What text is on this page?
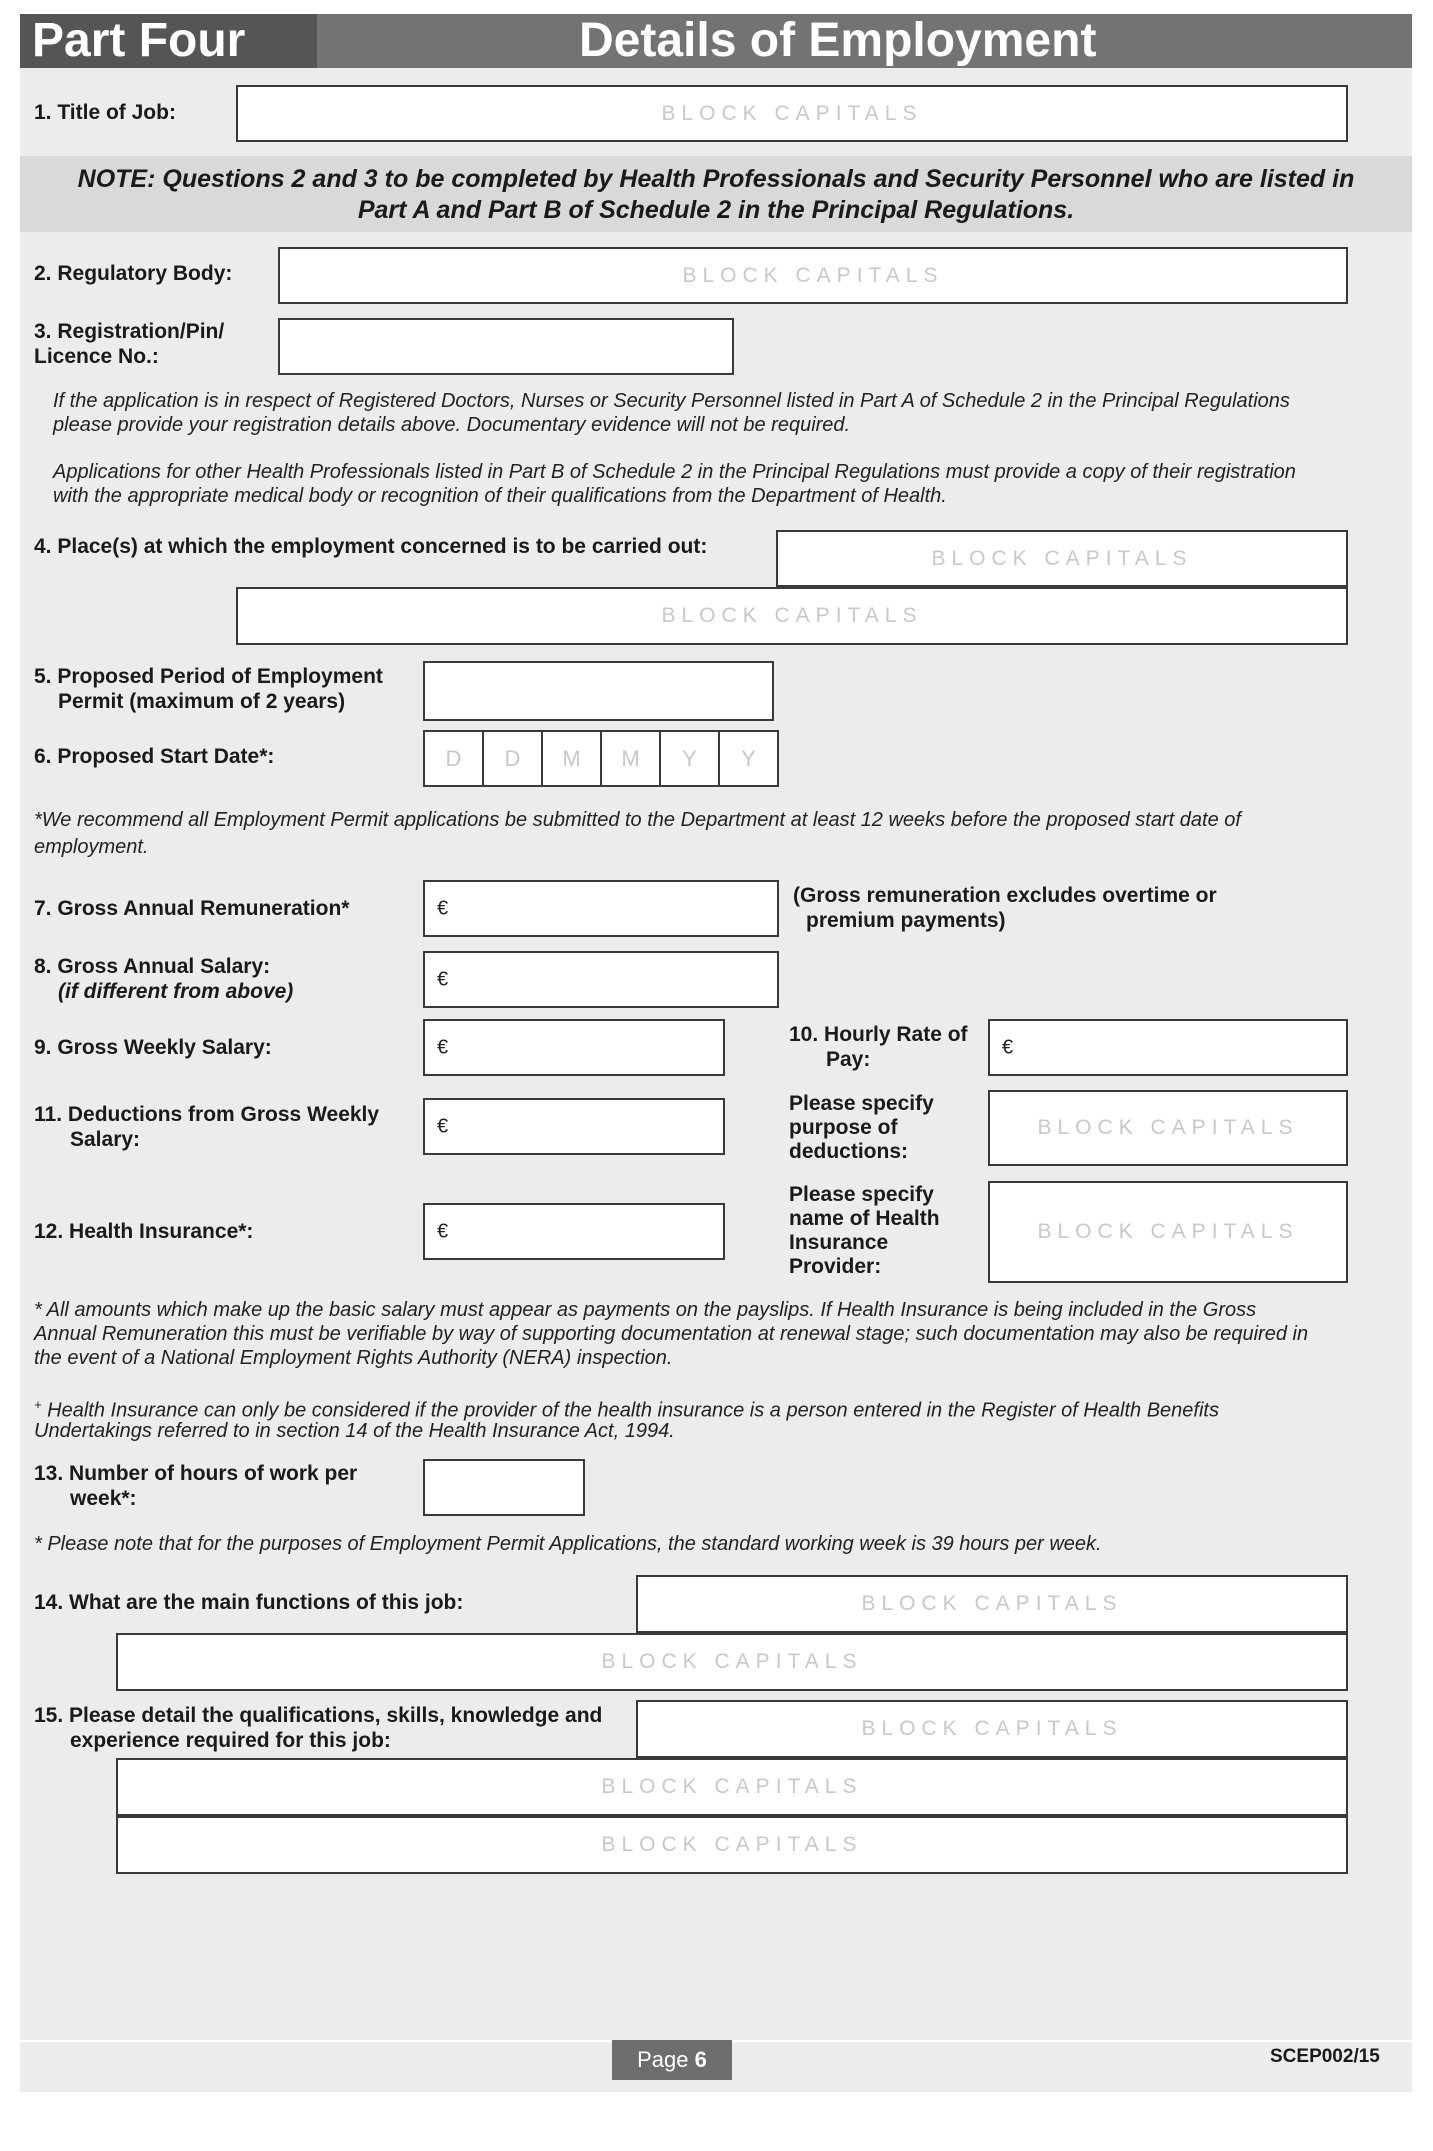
Part Four	Details of Employment
1. Title of Job:	BLOCK CAPITALS
NOTE: Questions 2 and 3 to be completed by Health Professionals and Security Personnel who are listed in
Part A and Part B of Schedule 2 in the Principal Regulations.
2. Regulatory Body:	BLOCK CAPITALS
3. Registration/Pin/
Licence No.:
If the application is in respect of Registered Doctors, Nurses or Security Personnel listed in Part A of Schedule 2 in the Principal Regulations
please provide your registration details above. Documentary evidence will not be required.
Applications for other Health Professionals listed in Part B of Schedule 2 in the Principal Regulations must provide a copy of their registration
with the appropriate medical body or recognition of their qualifications from the Department of Health.
4. Place(s) at which the employment concerned is to be carried out:	BLOCK CAPITALS
BLOCK CAPITALS
5. Proposed Period of Employment
Permit (maximum of 2 years)
6. Proposed Start Date*:	D	D	M	M	Y	Y
*We recommend all Employment Permit applications be submitted to the Department at least 12 weeks before the proposed start date of
employment.
7. Gross Annual Remuneration*	€
(Gross remuneration excludes overtime or
premium payments)
8. Gross Annual Salary:
(if different from above)
€
9. Gross Weekly Salary:	€
10. Hourly Rate of
Pay:
€
11. Deductions from Gross Weekly
Salary:
€
Please specify
purpose of
deductions:
BLOCK CAPITALS
12. Health Insurance*:	€
Please specify
name of Health
Insurance
Provider:
BLOCK CAPITALS
* All amounts which make up the basic salary must appear as payments on the payslips. If Health Insurance is being included in the Gross
Annual Remuneration this must be verifiable by way of supporting documentation at renewal stage; such documentation may also be required in
the event of a National Employment Rights Authority (NERA) inspection.
+ Health Insurance can only be considered if the provider of the health insurance is a person entered in the Register of Health Benefits
Undertakings referred to in section 14 of the Health Insurance Act, 1994.
13. Number of hours of work per
week*:
* Please note that for the purposes of Employment Permit Applications, the standard working week is 39 hours per week.
14. What are the main functions of this job:	BLOCK CAPITALS
BLOCK CAPITALS
15. Please detail the qualifications, skills, knowledge and
experience required for this job:
BLOCK CAPITALS
BLOCK CAPITALS
BLOCK CAPITALS
Page 6	SCEP002/15
